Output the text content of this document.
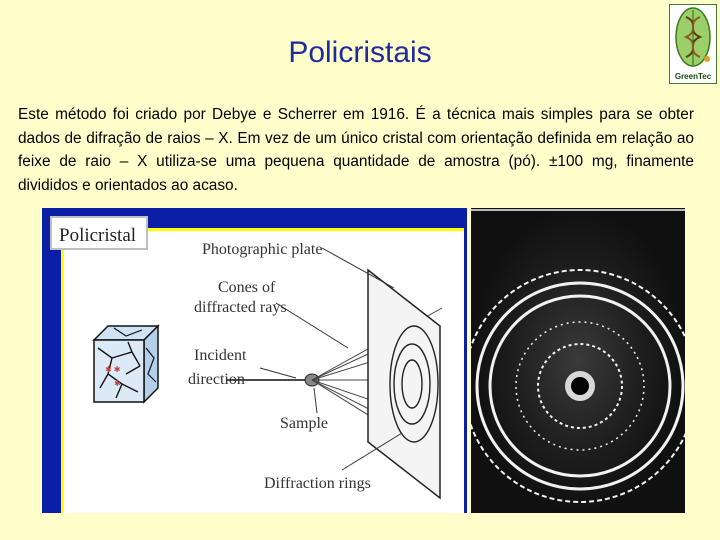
Policristais
GreenTec
Este método foi criado por Debye e Scherrer em 1916. É a técnica mais simples para se obter dados de difração de raios – X. Em vez de um único cristal com orientação definida em relação ao feixe de raio – X utiliza-se uma pequena quantidade de amostra (pó). ±100 mg, finamente divididos e orientados ao acaso.
Policristal
✱ ✱
✱
Photographic plate
Cones of
diffracted rays
Incident
direction
Sample
Diffraction rings
